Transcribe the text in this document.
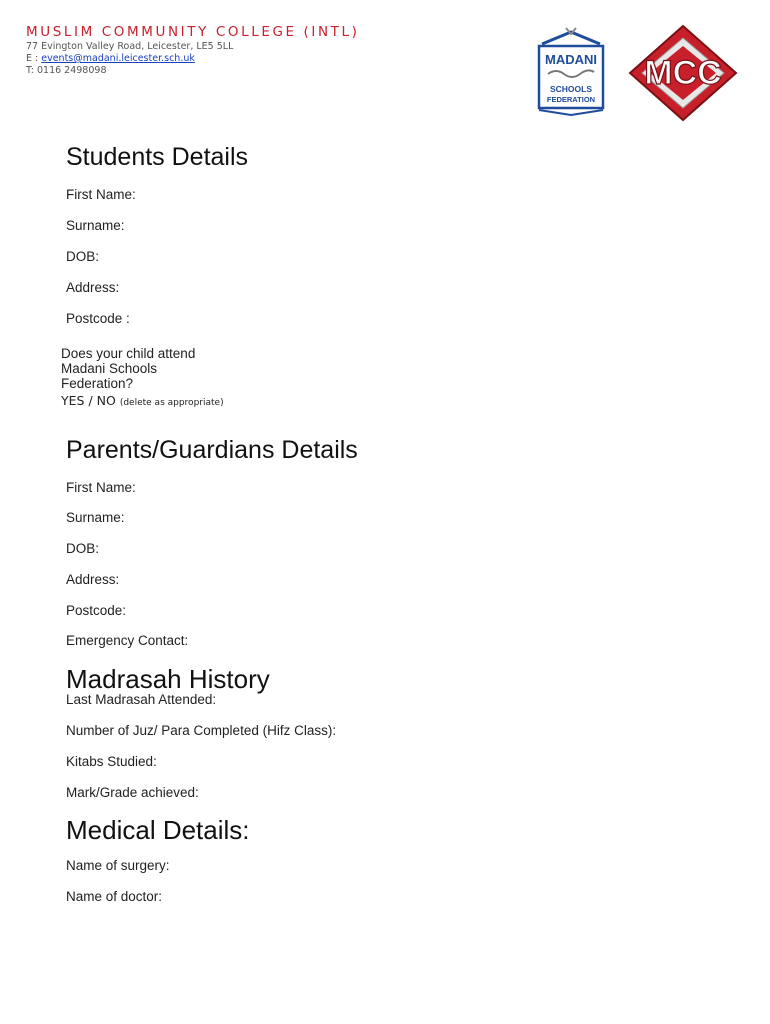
MUSLIM COMMUNITY COLLEGE (INTL)
77 Evington Valley Road, Leicester, LE5 5LL
E : events@madani.leicester.sch.uk
T: 0116 2498098
MADANI
SCHOOLS
FEDERATION
MCC
Students Details
First Name:
Surname:
DOB:
Address:
Postcode :
Does your child attend
Madani Schools
Federation?
YES / NO (delete as appropriate)
Parents/Guardians Details
First Name:
Surname:
DOB:
Address:
Postcode:
Emergency Contact:
Madrasah History
Last Madrasah Attended:
Number of Juz/ Para Completed (Hifz Class):
Kitabs Studied:
Mark/Grade achieved:
Medical Details:
Name of surgery:
Name of doctor:
